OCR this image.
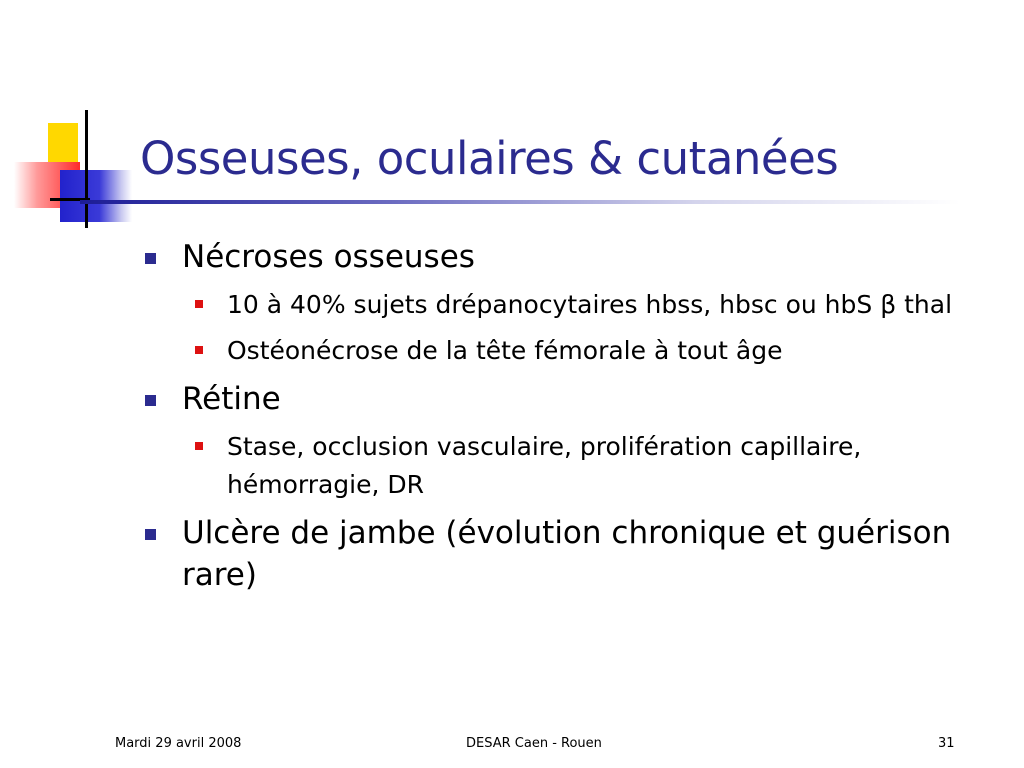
Osseuses, oculaires & cutanées
Nécroses osseuses
10 à 40% sujets drépanocytaires hbss, hbsc ou hbS β thal
Ostéonécrose de la tête fémorale à tout âge
Rétine
Stase, occlusion vasculaire, prolifération capillaire, hémorragie, DR
Ulcère de jambe (évolution chronique et guérison rare)
Mardi 29 avril 2008	DESAR Caen - Rouen	31
